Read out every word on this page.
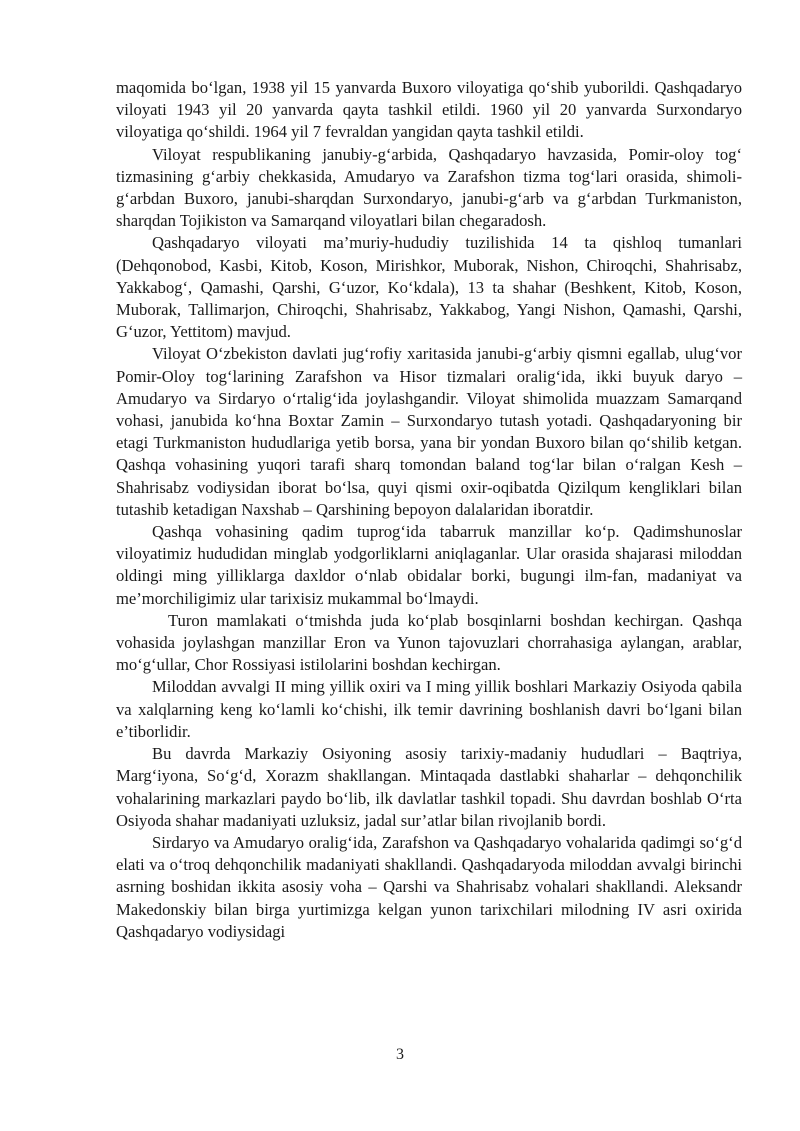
maqomida bo‘lgan, 1938 yil 15 yanvarda Buxoro viloyatiga qo‘shib yuborildi. Qashqadaryo viloyati 1943 yil 20 yanvarda qayta tashkil etildi. 1960 yil 20 yanvarda Surxondaryo viloyatiga qo‘shildi. 1964 yil 7 fevraldan yangidan qayta tashkil etildi.

Viloyat respublikaning janubiy-g‘arbida, Qashqadaryo havzasida, Pomir-oloy tog‘ tizmasining g‘arbiy chekkasida, Amudaryo va Zarafshon tizma tog‘lari orasida, shimoli-g‘arbdan Buxoro, janubi-sharqdan Surxondaryo, janubi-g‘arb va g‘arbdan Turkmaniston, sharqdan Tojikiston va Samarqand viloyatlari bilan chegaradosh.

Qashqadaryo viloyati ma’muriy-hududiy tuzilishida 14 ta qishloq tumanlari (Dehqonobod, Kasbi, Kitob, Koson, Mirishkor, Muborak, Nishon, Chiroqchi, Shahrisabz, Yakkabog‘, Qamashi, Qarshi, G‘uzor, Ko‘kdala), 13 ta shahar (Beshkent, Kitob, Koson, Muborak, Tallimarjon, Chiroqchi, Shahrisabz, Yakkabog, Yangi Nishon, Qamashi, Qarshi, G‘uzor, Yettitom) mavjud.

Viloyat O‘zbekiston davlati jug‘rofiy xaritasida janubi-g‘arbiy qismni egallab, ulug‘vor Pomir-Oloy tog‘larining Zarafshon va Hisor tizmalari oralig‘ida, ikki buyuk daryo – Amudaryo va Sirdaryo o‘rtalig‘ida joylashgandir. Viloyat shimolida muazzam Samarqand vohasi, janubida ko‘hna Boxtar Zamin – Surxondaryo tutash yotadi. Qashqadaryoning bir etagi Turkmaniston hududlariga yetib borsa, yana bir yondan Buxoro bilan qo‘shilib ketgan. Qashqa vohasining yuqori tarafi sharq tomondan baland tog‘lar bilan o‘ralgan Kesh – Shahrisabz vodiysidan iborat bo‘lsa, quyi qismi oxir-oqibatda Qizilqum kengliklari bilan tutashib ketadigan Naxshab – Qarshining bepoyon dalalaridan iboratdir.

Qashqa vohasining qadim tuprog‘ida tabarruk manzillar ko‘p. Qadimshunoslar viloyatimiz hududidan minglab yodgorliklarni aniqlaganlar. Ular orasida shajarasi miloddan oldingi ming yilliklarga daxldor o‘nlab obidalar borki, bugungi ilm-fan, madaniyat va me’morchiligimiz ular tarixisiz mukammal bo‘lmaydi.

Turon mamlakati o‘tmishda juda ko‘plab bosqinlarni boshdan kechirgan. Qashqa vohasida joylashgan manzillar Eron va Yunon tajovuzlari chorrahasiga aylangan, arablar, mo‘g‘ullar, Chor Rossiyasi istilolarini boshdan kechirgan.

Miloddan avvalgi II ming yillik oxiri va I ming yillik boshlari Markaziy Osiyoda qabila va xalqlarning keng ko‘lamli ko‘chishi, ilk temir davrining boshlanish davri bo‘lgani bilan e’tiborlidir.

Bu davrda Markaziy Osiyoning asosiy tarixiy-madaniy hududlari – Baqtriya, Marg‘iyona, So‘g‘d, Xorazm shakllangan. Mintaqada dastlabki shaharlar – dehqonchilik vohalarining markazlari paydo bo‘lib, ilk davlatlar tashkil topadi. Shu davrdan boshlab O‘rta Osiyoda shahar madaniyati uzluksiz, jadal sur’atlar bilan rivojlanib bordi.

Sirdaryo va Amudaryo oralig‘ida, Zarafshon va Qashqadaryo vohalarida qadimgi so‘g‘d elati va o‘troq dehqonchilik madaniyati shakllandi. Qashqadaryoda miloddan avvalgi birinchi asrning boshidan ikkita asosiy voha – Qarshi va Shahrisabz vohalari shakllandi. Aleksandr Makedonskiy bilan birga yurtimizga kelgan yunon tarixchilari milodning IV asri oxirida Qashqadaryo vodiysidagi

3
